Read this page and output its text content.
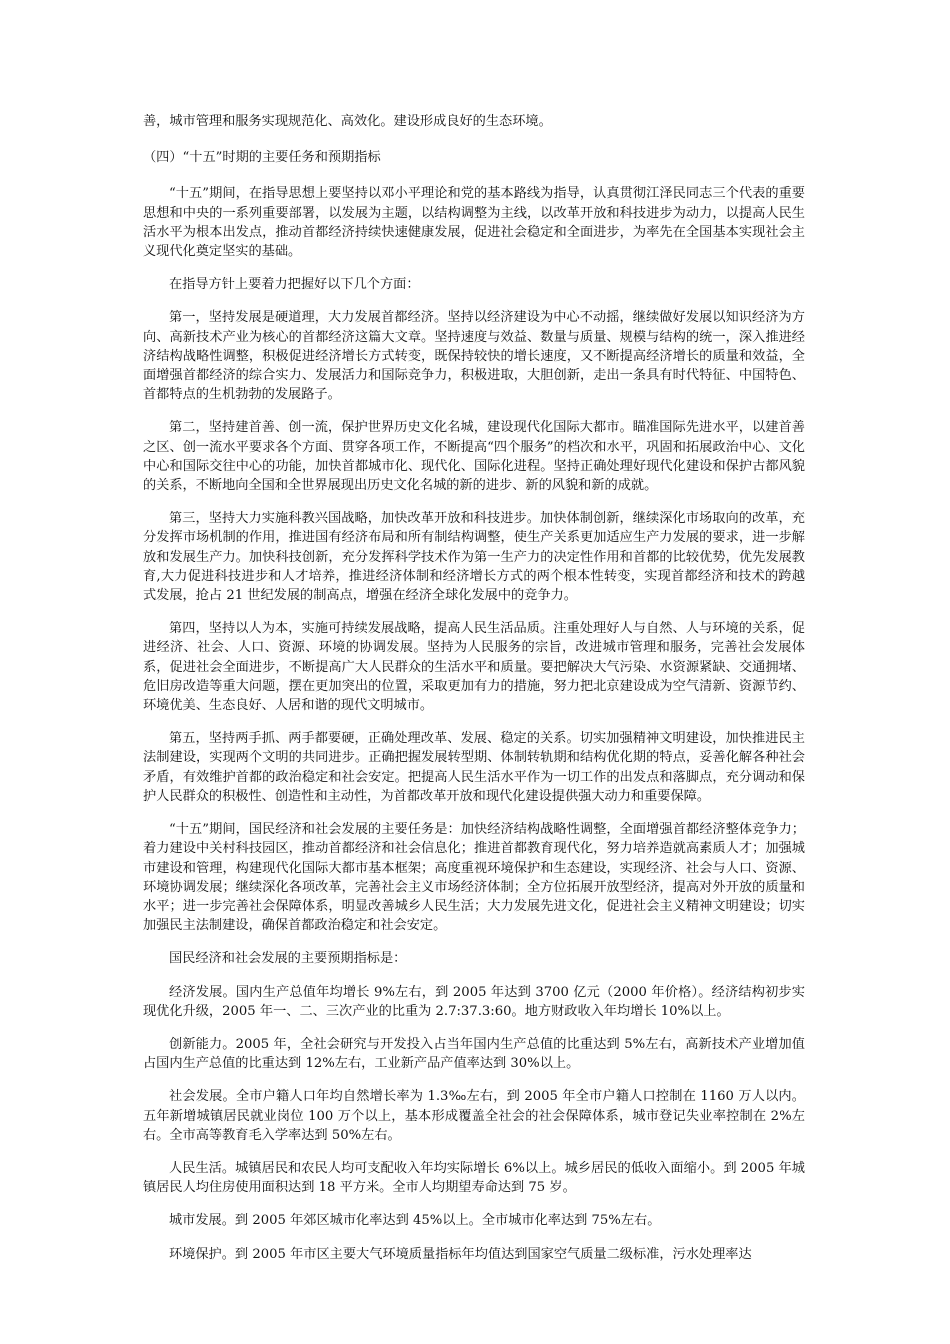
善，城市管理和服务实现规范化、高效化。建设形成良好的生态环境。

（四）“十五”时期的主要任务和预期指标

“十五”期间，在指导思想上要坚持以邓小平理论和党的基本路线为指导，认真贯彻江泽民同志三个代表的重要思想和中央的一系列重要部署，以发展为主题，以结构调整为主线，以改革开放和科技进步为动力，以提高人民生活水平为根本出发点，推动首都经济持续快速健康发展，促进社会稳定和全面进步，为率先在全国基本实现社会主义现代化奠定坚实的基础。

在指导方针上要着力把握好以下几个方面：

第一，坚持发展是硬道理，大力发展首都经济。坚持以经济建设为中心不动摇，继续做好发展以知识经济为方向、高新技术产业为核心的首都经济这篇大文章。坚持速度与效益、数量与质量、规模与结构的统一，深入推进经济结构战略性调整，积极促进经济增长方式转变，既保持较快的增长速度，又不断提高经济增长的质量和效益，全面增强首都经济的综合实力、发展活力和国际竞争力，积极进取，大胆创新，走出一条具有时代特征、中国特色、首都特点的生机勃勃的发展路子。

第二，坚持建首善、创一流，保护世界历史文化名城，建设现代化国际大都市。瞄准国际先进水平，以建首善之区、创一流水平要求各个方面、贯穿各项工作，不断提高“四个服务”的档次和水平，巩固和拓展政治中心、文化中心和国际交往中心的功能，加快首都城市化、现代化、国际化进程。坚持正确处理好现代化建设和保护古都风貌的关系，不断地向全国和全世界展现出历史文化名城的新的进步、新的风貌和新的成就。

第三，坚持大力实施科教兴国战略，加快改革开放和科技进步。加快体制创新，继续深化市场取向的改革，充分发挥市场机制的作用，推进国有经济布局和所有制结构调整，使生产关系更加适应生产力发展的要求，进一步解放和发展生产力。加快科技创新，充分发挥科学技术作为第一生产力的决定性作用和首都的比较优势，优先发展教育,大力促进科技进步和人才培养，推进经济体制和经济增长方式的两个根本性转变，实现首都经济和技术的跨越式发展，抢占 21 世纪发展的制高点，增强在经济全球化发展中的竞争力。

第四，坚持以人为本，实施可持续发展战略，提高人民生活品质。注重处理好人与自然、人与环境的关系，促进经济、社会、人口、资源、环境的协调发展。坚持为人民服务的宗旨，改进城市管理和服务，完善社会发展体系，促进社会全面进步，不断提高广大人民群众的生活水平和质量。要把解决大气污染、水资源紧缺、交通拥堵、危旧房改造等重大问题，摆在更加突出的位置，采取更加有力的措施，努力把北京建设成为空气清新、资源节约、环境优美、生态良好、人居和谐的现代文明城市。

第五，坚持两手抓、两手都要硬，正确处理改革、发展、稳定的关系。切实加强精神文明建设，加快推进民主法制建设，实现两个文明的共同进步。正确把握发展转型期、体制转轨期和结构优化期的特点，妥善化解各种社会矛盾，有效维护首都的政治稳定和社会安定。把提高人民生活水平作为一切工作的出发点和落脚点，充分调动和保护人民群众的积极性、创造性和主动性，为首都改革开放和现代化建设提供强大动力和重要保障。

“十五”期间，国民经济和社会发展的主要任务是：加快经济结构战略性调整，全面增强首都经济整体竞争力；着力建设中关村科技园区，推动首都经济和社会信息化；推进首都教育现代化，努力培养造就高素质人才；加强城市建设和管理，构建现代化国际大都市基本框架；高度重视环境保护和生态建设，实现经济、社会与人口、资源、环境协调发展；继续深化各项改革，完善社会主义市场经济体制；全方位拓展开放型经济，提高对外开放的质量和水平；进一步完善社会保障体系，明显改善城乡人民生活；大力发展先进文化，促进社会主义精神文明建设；切实加强民主法制建设，确保首都政治稳定和社会安定。

国民经济和社会发展的主要预期指标是：

经济发展。国内生产总值年均增长 9%左右，到 2005 年达到 3700 亿元（2000 年价格）。经济结构初步实现优化升级，2005 年一、二、三次产业的比重为 2.7:37.3:60。地方财政收入年均增长 10%以上。

创新能力。2005 年，全社会研究与开发投入占当年国内生产总值的比重达到 5%左右，高新技术产业增加值占国内生产总值的比重达到 12%左右，工业新产品产值率达到 30%以上。

社会发展。全市户籍人口年均自然增长率为 1.3‰左右，到 2005 年全市户籍人口控制在 1160 万人以内。五年新增城镇居民就业岗位 100 万个以上，基本形成覆盖全社会的社会保障体系，城市登记失业率控制在 2%左右。全市高等教育毛入学率达到 50%左右。

人民生活。城镇居民和农民人均可支配收入年均实际增长 6%以上。城乡居民的低收入面缩小。到 2005 年城镇居民人均住房使用面积达到 18 平方米。全市人均期望寿命达到 75 岁。

城市发展。到 2005 年郊区城市化率达到 45%以上。全市城市化率达到 75%左右。

环境保护。到 2005 年市区主要大气环境质量指标年均值达到国家空气质量二级标准，污水处理率达
